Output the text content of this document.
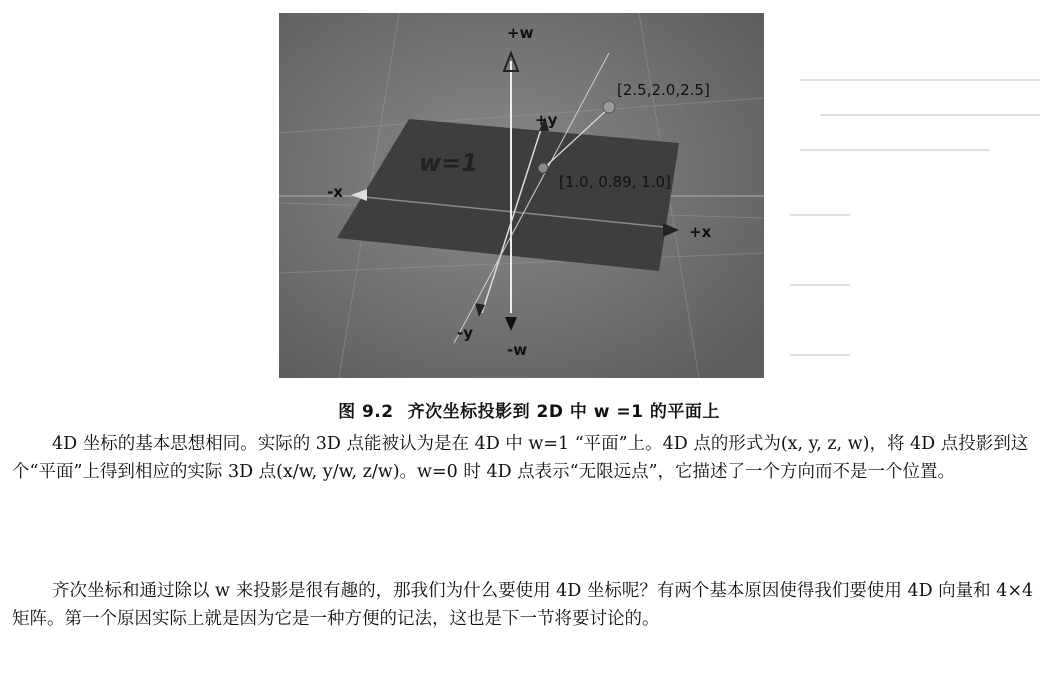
+w
-w
+x
-x
+y
-y
w=1
[2.5,2.0,2.5]
[1.0, 0.89, 1.0]
图 9.2 齐次坐标投影到 2D 中 w =1 的平面上

4D 坐标的基本思想相同。实际的 3D 点能被认为是在 4D 中 w=1 “平面”上。4D 点的形式为(x, y, z, w)，将 4D 点投影到这个“平面”上得到相应的实际 3D 点(x/w, y/w, z/w)。w=0 时 4D 点表示“无限远点”，它描述了一个方向而不是一个位置。

齐次坐标和通过除以 w 来投影是很有趣的，那我们为什么要使用 4D 坐标呢？有两个基本原因使得我们要使用 4D 向量和 4×4 矩阵。第一个原因实际上就是因为它是一种方便的记法，这也是下一节将要讨论的。
